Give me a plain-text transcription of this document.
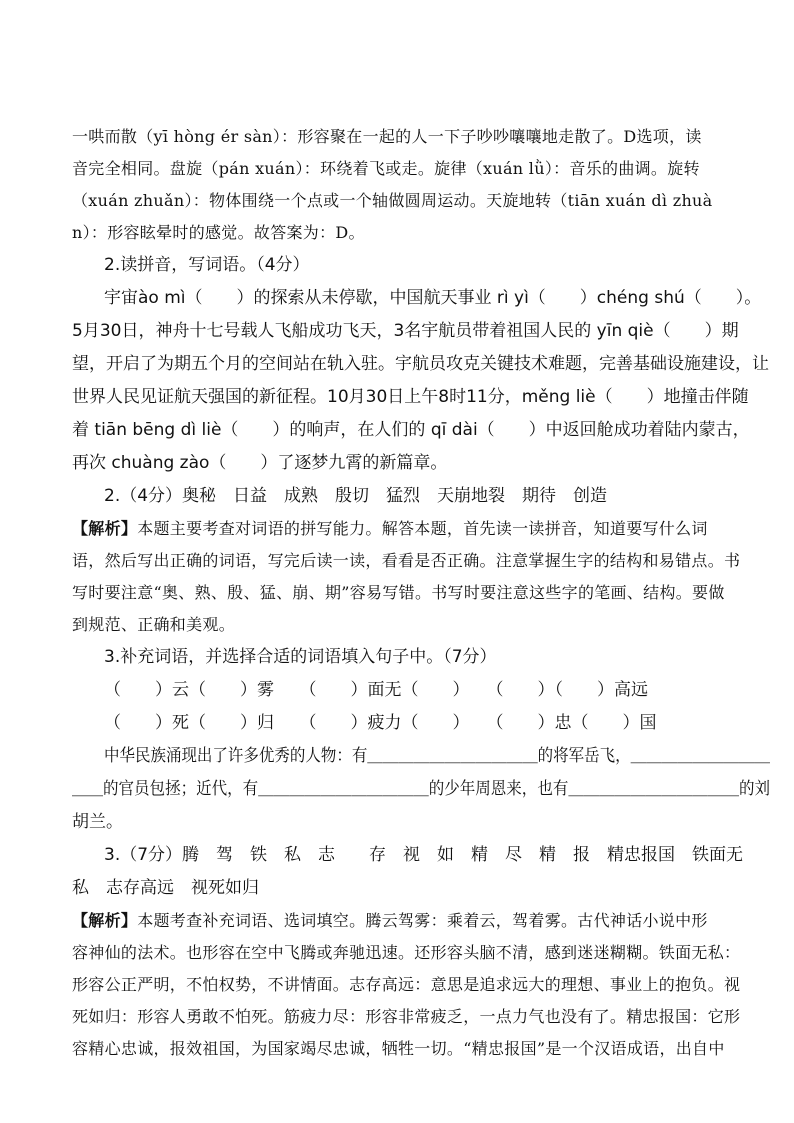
一哄而散（yī hòng ér sàn）：形容聚在一起的人一下子吵吵嚷嚷地走散了。D选项，读

音完全相同。盘旋（pán xuán）：环绕着飞或走。旋律（xuán lǜ）：音乐的曲调。旋转

（xuán zhuǎn）：物体围绕一个点或一个轴做圆周运动。天旋地转（tiān xuán dì zhuà

n）：形容眩晕时的感觉。故答案为：D。

2.读拼音，写词语。（4分）

宇宙ào mì（　　）的探索从未停歇，中国航天事业 rì yì（　　）chéng shú（　　）。

5月30日，神舟十七号载人飞船成功飞天，3名宇航员带着祖国人民的 yīn qiè（　　）期

望，开启了为期五个月的空间站在轨入驻。宇航员攻克关键技术难题，完善基础设施建设，让

世界人民见证航天强国的新征程。10月30日上午8时11分，měng liè（　　）地撞击伴随

着 tiān bēng dì liè（　　）的响声，在人们的 qī dài（　　）中返回舱成功着陆内蒙古，

再次 chuàng zào（　　）了逐梦九霄的新篇章。

2.（4分）奥秘　日益　成熟　殷切　猛烈　天崩地裂　期待　创造

【解析】本题主要考查对词语的拼写能力。解答本题，首先读一读拼音，知道要写什么词

语，然后写出正确的词语，写完后读一读，看看是否正确。注意掌握生字的结构和易错点。书

写时要注意“奥、熟、殷、猛、崩、期”容易写错。书写时要注意这些字的笔画、结构。要做

到规范、正确和美观。

3.补充词语，并选择合适的词语填入句子中。（7分）

（　　）云（　　）雾　　（　　）面无（　　）　　（　　）（　　）高远

（　　）死（　　）归　　（　　）疲力（　　）　　（　　）忠（　　）国

中华民族涌现出了许多优秀的人物：有＿＿＿＿＿＿＿＿＿＿＿的将军岳飞，＿＿＿＿＿＿＿＿＿

＿＿的官员包拯；近代，有＿＿＿＿＿＿＿＿＿＿＿的少年周恩来，也有＿＿＿＿＿＿＿＿＿＿＿的刘

胡兰。

3.（7分）腾　驾　铁　私　志　　存　视　如　精　尽　精　报　精忠报国　铁面无

私　志存高远　视死如归

【解析】本题考查补充词语、选词填空。腾云驾雾：乘着云，驾着雾。古代神话小说中形

容神仙的法术。也形容在空中飞腾或奔驰迅速。还形容头脑不清，感到迷迷糊糊。铁面无私：

形容公正严明，不怕权势，不讲情面。志存高远：意思是追求远大的理想、事业上的抱负。视

死如归：形容人勇敢不怕死。筋疲力尽：形容非常疲乏，一点力气也没有了。精忠报国：它形

容精心忠诚，报效祖国，为国家竭尽忠诚，牺牲一切。“精忠报国”是一个汉语成语，出自中
